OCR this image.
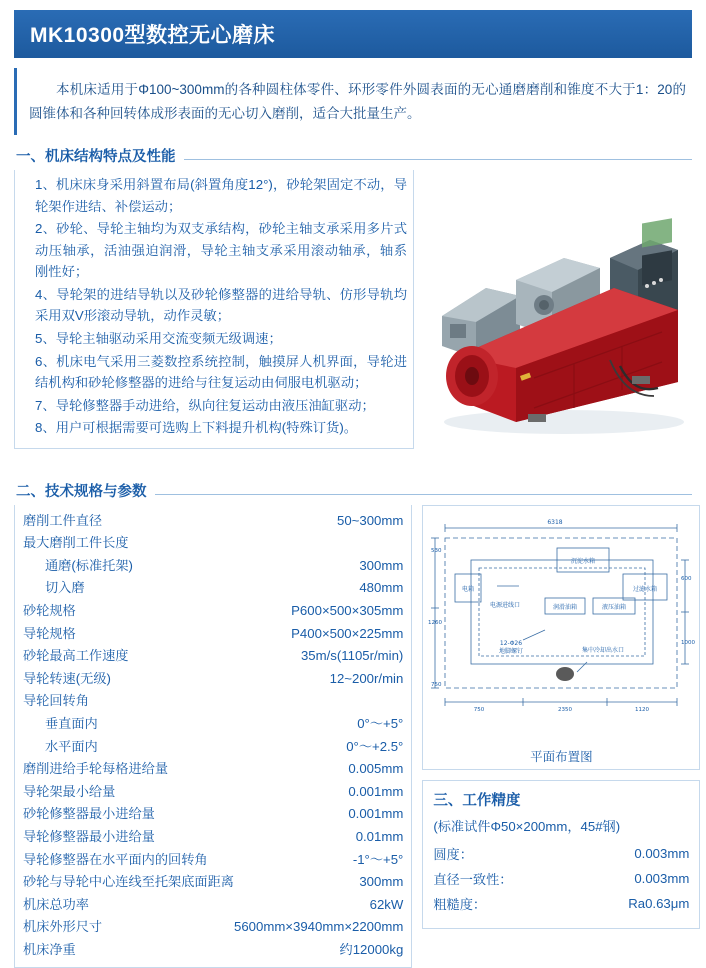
MK10300型数控无心磨床

本机床适用于Φ100~300mm的各种圆柱体零件、环形零件外圆表面的无心通磨磨削和锥度不大于1：20的圆锥体和各种回转体成形表面的无心切入磨削，适合大批量生产。

一、机床结构特点及性能
1、机床床身采用斜置布局(斜置角度12°)，砂轮架固定不动，导轮架作进结、补偿运动；
2、砂轮、导轮主轴均为双支承结构，砂轮主轴支承采用多片式动压轴承，活油强迫润滑，导轮主轴支承采用滚动轴承，轴系刚性好；
4、导轮架的进结导轨以及砂轮修整器的进给导轨、仿形导轨均采用双V形滚动导轨，动作灵敏；
5、导轮主轴驱动采用交流变频无级调速；
6、机床电气采用三菱数控系统控制，触摸屏人机界面，导轮进结机构和砂轮修整器的进给与往复运动由伺服电机驱动；
7、导轮修整器手动进给，纵向往复运动由液压油缸驱动；
8、用户可根据需要可选购上下料提升机构(特殊订货)。
二、技术规格与参数
磨削工件直径	50~300mm
最大磨削工件长度	
通磨(标准托架)	300mm
切入磨	480mm
砂轮规格	P600×500×305mm
导轮规格	P400×500×225mm
砂轮最高工作速度	35m/s(1105r/min)
导轮转速(无级)	12~200r/min
导轮回转角	
垂直面内	0°～+5°
水平面内	0°～+2.5°
磨削进给手轮每格进给量	0.005mm
导轮架最小给量	0.001mm
砂轮修整器最小进给量	0.001mm
导轮修整器最小进给量	0.01mm
导轮修整器在水平面内的回转角	-1°～+5°
砂轮与导轮中心连线至托架底面距离	300mm
机床总功率	62kW
机床外形尺寸	5600mm×3940mm×2200mm
机床净重	约12000kg
6318
沉淀水箱
过滤水箱
电箱
电源进线口	润滑油箱	液压油箱
12-Φ26
地脚螺钉	集中冷却出水口
530
1260
750
750	2350	1120
600
1000
平面布置图
三、工作精度
(标准试件Φ50×200mm，45#钢)
圆度：	0.003mm
直径一致性：	0.003mm
粗糙度：	Ra0.63μm
